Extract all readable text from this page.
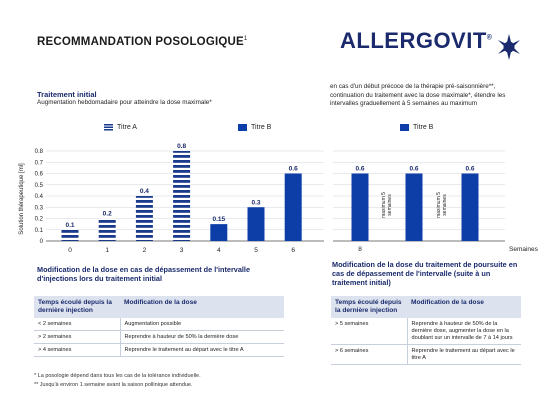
RECOMMANDATION POSOLOGIQUE$^1$	ALLERGOVIT®
Traitement initial
Augmentation hebdomadaire pour atteindre la dose maximale*
en cas d'un début précoce de la thérapie pré-saisonnière**, continuation du traitement avec la dose maximale*, étendre les intervalles graduellement à 5 semaines au maximum
Titre A	Titre B	Titre B
Solution thérapeutique [ml]
0
0.1
0.2
0.3
0.4
0.5
0.6
0.7
0.8
0	1	2	3	4	5	6
0.1
0.2
0.4
0.8
0.15
0.3
0.6
8
0.6	0.6	0.6
maximum 5semaines	maximum 5semaines
Semaines
Modification de la dose en cas de dépassement de l'intervalle d'injections lors du traitement initial
Temps écoulé depuis la dernière injection	Modification de la dose
< 2 semaines	Augmentation possible
> 2 semaines	Reprendre à hauteur de 50% la dernière dose
> 4 semaines	Reprendre le traitement au départ avec le titre A
Modification de la dose du traitement de poursuite en cas de dépassement de l'intervalle (suite à un traitement initial)
Temps écoulé depuis la dernière injection	Modification de la dose
> 5 semaines	Reprendre à hauteur de 50% de la dernière dose, augmenter la dose en la doublant sur un intervalle de 7 à 14 jours
> 6 semaines	Reprendre le traitement au départ avec le titre A
* La posologie dépend dans tous les cas de la tolérance individuelle.
** Jusqu'à environ 1 semaine avant la saison pollinique attendue.
